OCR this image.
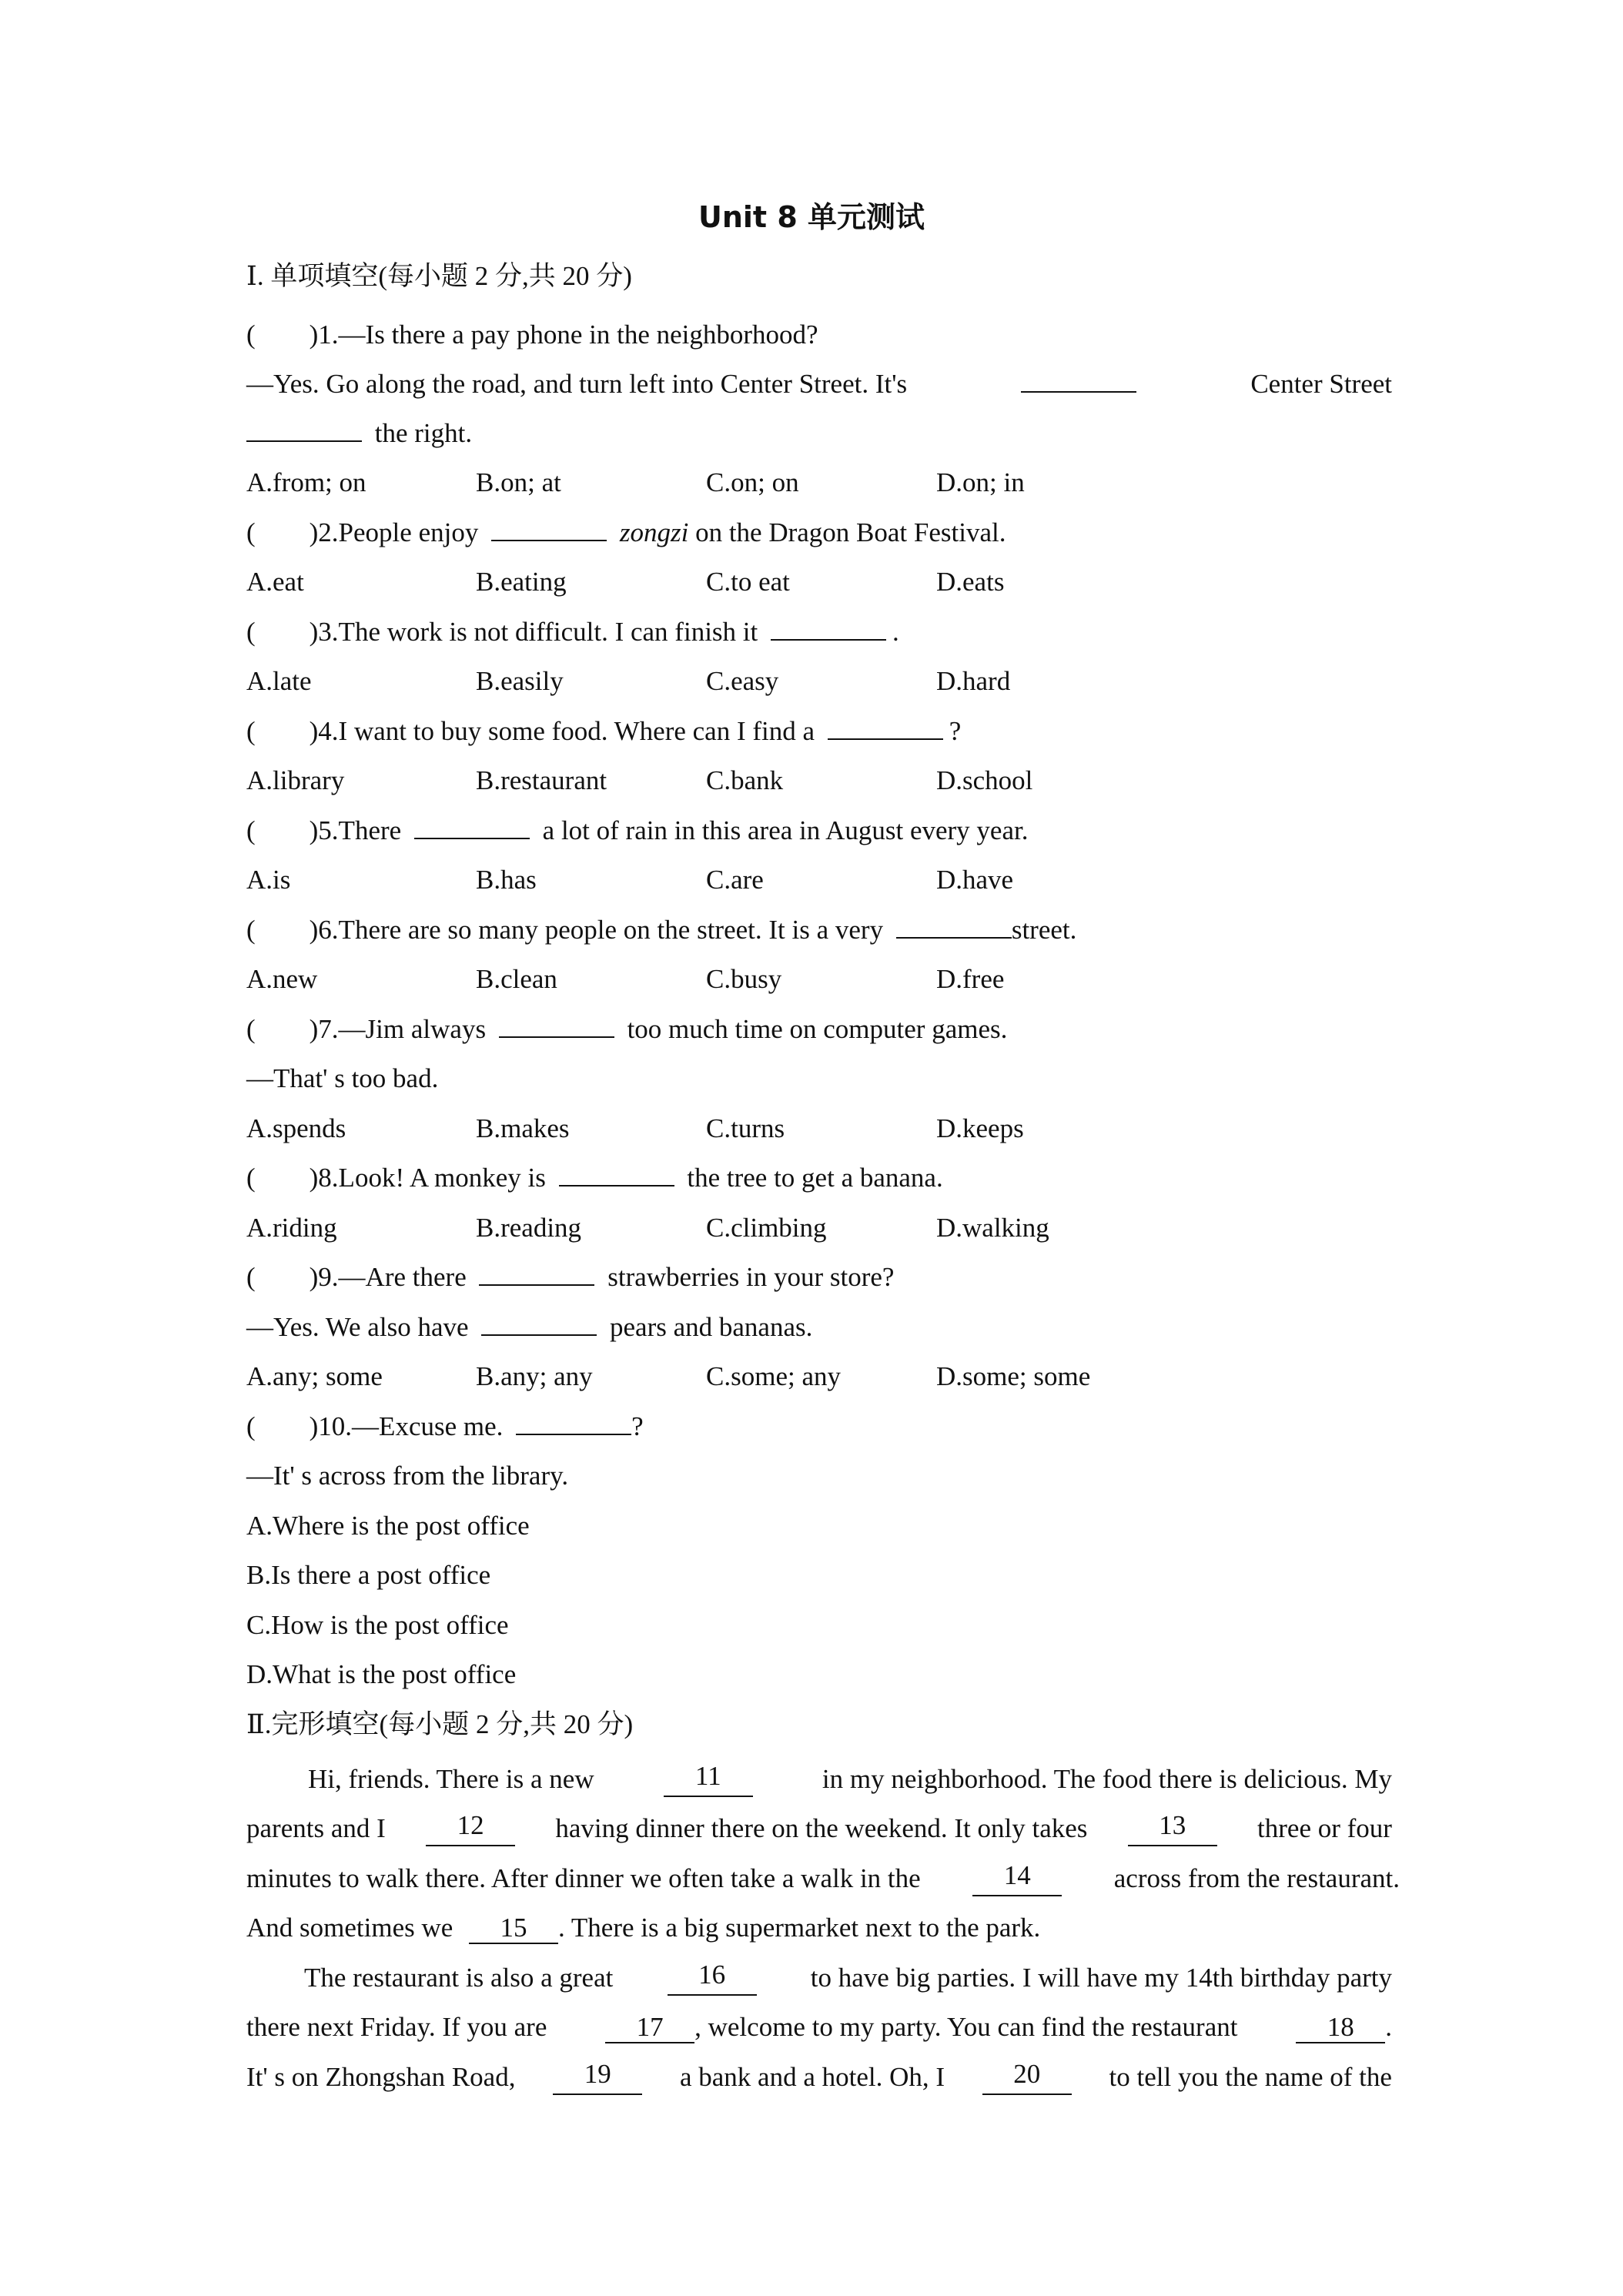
Unit 8 单元测试
Ⅰ. 单项填空(每小题 2 分,共 20 分)
(　　)1.—Is there a pay phone in the neighborhood?
—Yes. Go along the road, and turn left into Center Street. It's	Center Street
the right.
A.from; on	B.on; at	C.on; on	D.on; in
(　　)2.People enjoy	zongzi on the Dragon Boat Festival.
A.eat	B.eating	C.to eat	D.eats
(　　)3.The work is not difficult. I can finish it	.
A.late	B.easily	C.easy	D.hard
(　　)4.I want to buy some food. Where can I find a	?
A.library	B.restaurant	C.bank	D.school
(　　)5.There	a lot of rain in this area in August every year.
A.is	B.has	C.are	D.have
(　　)6.There are so many people on the street. It is a very	street.
A.new	B.clean	C.busy	D.free
(　　)7.—Jim always	too much time on computer games.
—That' s too bad.
A.spends	B.makes	C.turns	D.keeps
(　　)8.Look! A monkey is	the tree to get a banana.
A.riding	B.reading	C.climbing	D.walking
(　　)9.—Are there	strawberries in your store?
—Yes. We also have	pears and bananas.
A.any; some	B.any; any	C.some; any	D.some; some
(　　)10.—Excuse me.	?
—It' s across from the library.
A.Where is the post office
B.Is there a post office
C.How is the post office
D.What is the post office
Ⅱ.完形填空(每小题 2 分,共 20 分)
Hi, friends. There is a new	11	in my neighborhood. The food there is delicious. My
parents and I	12	having dinner there on the weekend. It only takes	13	three or four
minutes to walk there. After dinner we often take a walk in the	14	across from the restaurant.
And sometimes we 15 . There is a big supermarket next to the park.
The restaurant is also a great	16	to have big parties. I will have my 14th birthday party
there next Friday. If you are	17 , welcome to my party. You can find the restaurant	18 .
It' s on Zhongshan Road,	19	a bank and a hotel. Oh, I	20	to tell you the name of the
